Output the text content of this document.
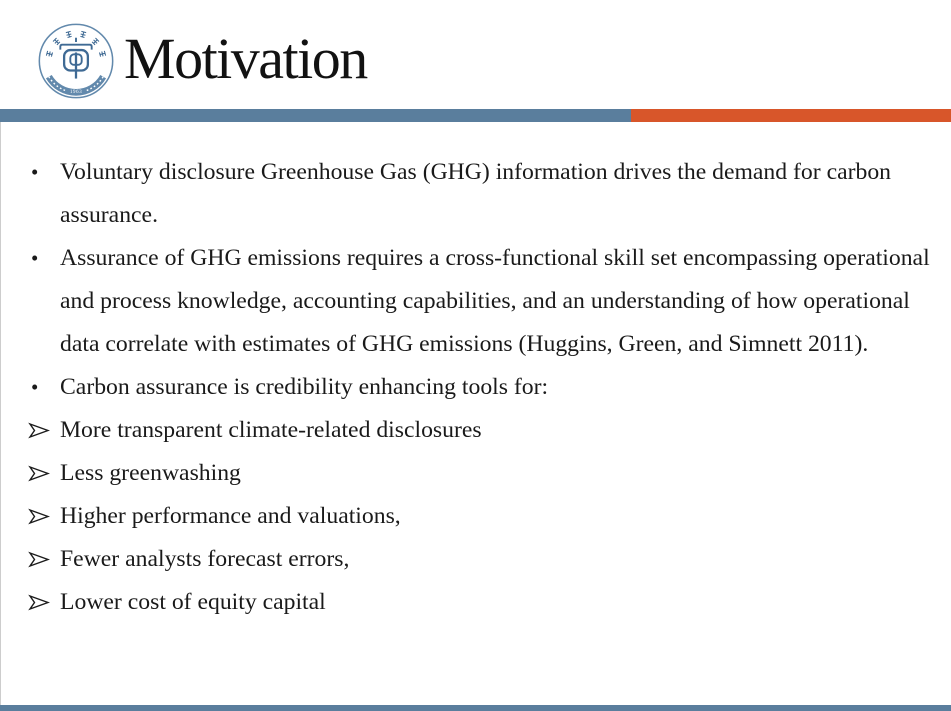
1963
Motivation
• Voluntary disclosure Greenhouse Gas (GHG) information drives the demand for carbon assurance.
• Assurance of GHG emissions requires a cross-functional skill set encompassing operational and process knowledge, accounting capabilities, and an understanding of how operational data correlate with estimates of GHG emissions (Huggins, Green, and Simnett 2011).
• Carbon assurance is credibility enhancing tools for:
More transparent climate-related disclosures
Less greenwashing
Higher performance and valuations,
Fewer analysts forecast errors,
Lower cost of equity capital
